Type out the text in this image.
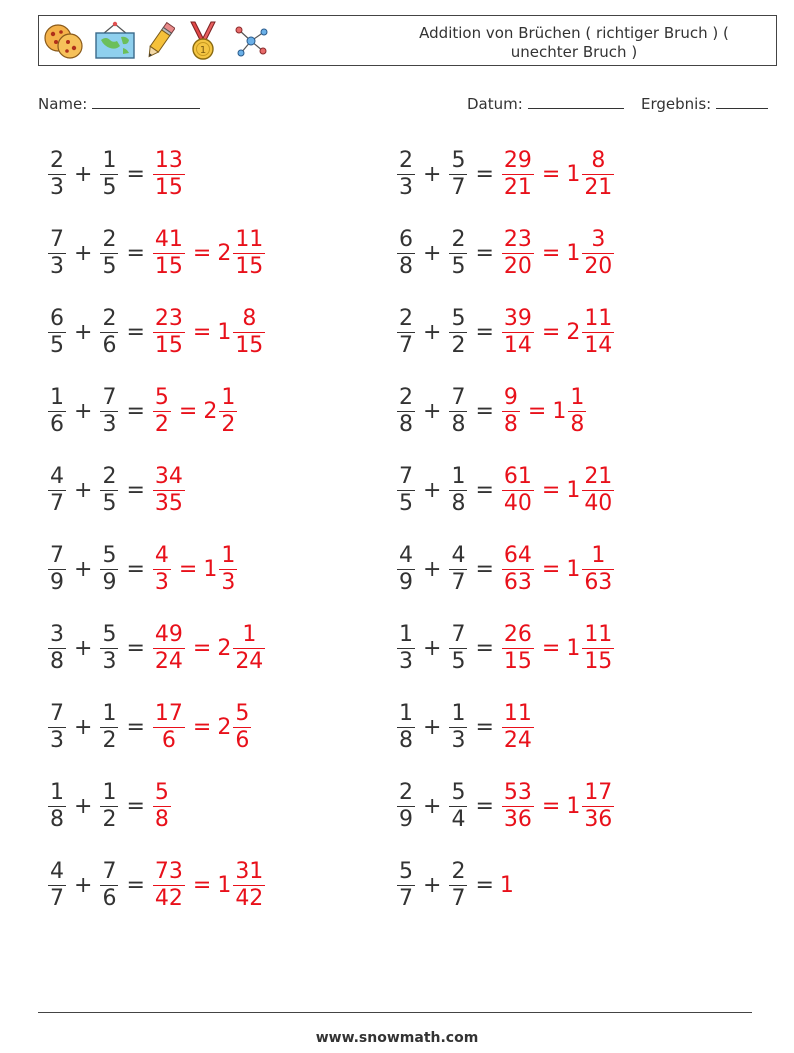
1
Addition von Brüchen ( richtiger Bruch ) ( unechter Bruch )
Name:	Datum:	Ergebnis:
$\frac{2}{3} + \frac{1}{5} = \frac{13}{15}$	$\frac{2}{3} + \frac{5}{7} = \frac{29}{21} = 1 \frac{8}{21}$
$\frac{7}{3} + \frac{2}{5} = \frac{41}{15} = 2 \frac{11}{15}$	$\frac{6}{8} + \frac{2}{5} = \frac{23}{20} = 1 \frac{3}{20}$
$\frac{6}{5} + \frac{2}{6} = \frac{23}{15} = 1 \frac{8}{15}$	$\frac{2}{7} + \frac{5}{2} = \frac{39}{14} = 2 \frac{11}{14}$
$\frac{1}{6} + \frac{7}{3} = \frac{5}{2} = 2 \frac{1}{2}$	$\frac{2}{8} + \frac{7}{8} = \frac{9}{8} = 1 \frac{1}{8}$
$\frac{4}{7} + \frac{2}{5} = \frac{34}{35}$	$\frac{7}{5} + \frac{1}{8} = \frac{61}{40} = 1 \frac{21}{40}$
$\frac{7}{9} + \frac{5}{9} = \frac{4}{3} = 1 \frac{1}{3}$	$\frac{4}{9} + \frac{4}{7} = \frac{64}{63} = 1 \frac{1}{63}$
$\frac{3}{8} + \frac{5}{3} = \frac{49}{24} = 2 \frac{1}{24}$	$\frac{1}{3} + \frac{7}{5} = \frac{26}{15} = 1 \frac{11}{15}$
$\frac{7}{3} + \frac{1}{2} = \frac{17}{6} = 2 \frac{5}{6}$	$\frac{1}{8} + \frac{1}{3} = \frac{11}{24}$
$\frac{1}{8} + \frac{1}{2} = \frac{5}{8}$	$\frac{2}{9} + \frac{5}{4} = \frac{53}{36} = 1 \frac{17}{36}$
$\frac{4}{7} + \frac{7}{6} = \frac{73}{42} = 1 \frac{31}{42}$	$\frac{5}{7} + \frac{2}{7} = 1$
www.snowmath.com
